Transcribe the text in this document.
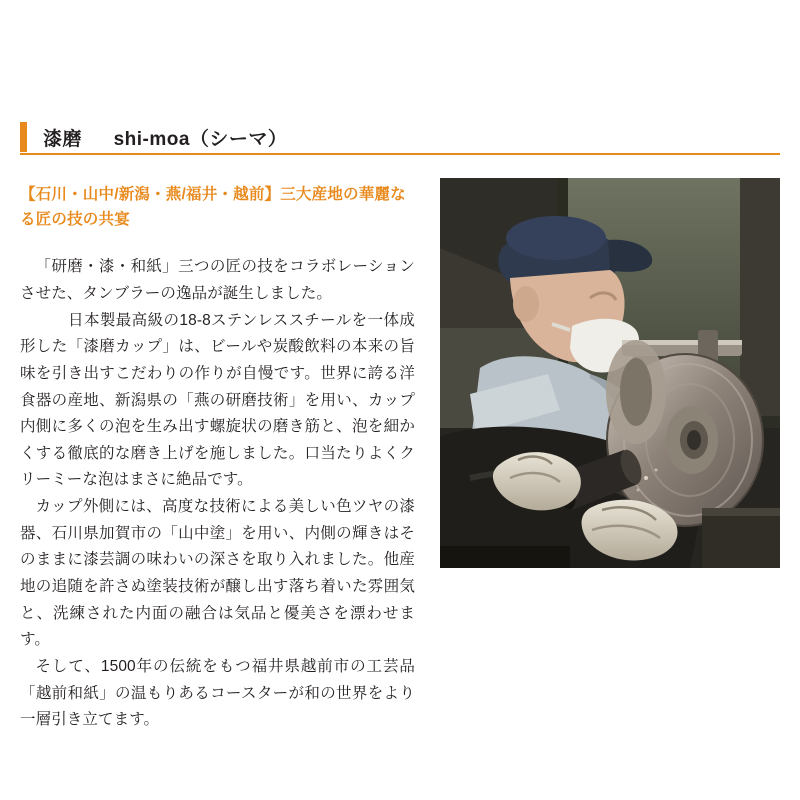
漆磨 shi-moa（シーマ）

【石川・山中/新潟・燕/福井・越前】三大産地の華麗なる匠の技の共宴

「研磨・漆・和紙」三つの匠の技をコラボレーションさせた、タンブラーの逸品が誕生しました。

日本製最高級の18-8ステンレススチールを一体成形した「漆磨カップ」は、ビールや炭酸飲料の本来の旨味を引き出すこだわりの作りが自慢です。世界に誇る洋食器の産地、新潟県の「燕の研磨技術」を用い、カップ内側に多くの泡を生み出す螺旋状の磨き筋と、泡を細かくする徹底的な磨き上げを施しました。口当たりよくクリーミーな泡はまさに絶品です。

カップ外側には、高度な技術による美しい色ツヤの漆器、石川県加賀市の「山中塗」を用い、内側の輝きはそのままに漆芸調の味わいの深さを取り入れました。他産地の追随を許さぬ塗装技術が醸し出す落ち着いた雰囲気と、洗練された内面の融合は気品と優美さを漂わせます。

そして、1500年の伝統をもつ福井県越前市の工芸品「越前和紙」の温もりあるコースターが和の世界をより一層引き立てます。
